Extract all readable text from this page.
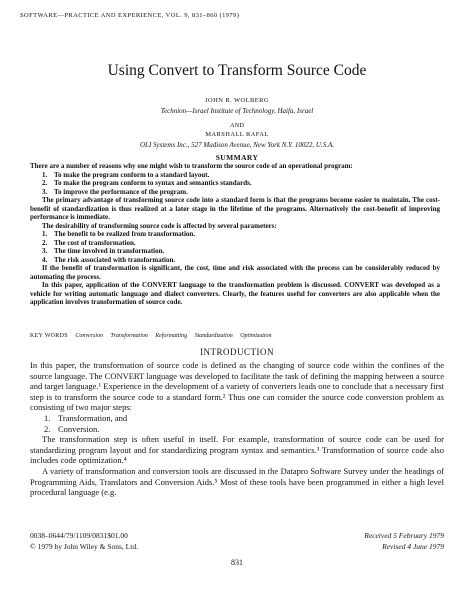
SOFTWARE—PRACTICE AND EXPERIENCE, VOL. 9, 831–860 (1979)
Using Convert to Transform Source Code
JOHN R. WOLBERG
Technion—Israel Institute of Technology, Haifa, Israel
AND
MARSHALL RAFAL
OLI Systems Inc., 527 Madison Avenue, New York N.Y. 10022, U.S.A.
SUMMARY

There are a number of reasons why one might wish to transform the source code of an operational program:

1. To make the program conform to a standard layout.
2. To make the program conform to syntax and semantics standards.
3. To improve the performance of the program.

The primary advantage of transforming source code into a standard form is that the programs become easier to maintain. The cost-benefit of standardization is thus realized at a later stage in the lifetime of the programs. Alternatively the cost-benefit of improving performance is immediate.

The desirability of transforming source code is affected by several parameters:

1. The benefit to be realized from transformation.
2. The cost of transformation.
3. The time involved in transformation.
4. The risk associated with transformation.

If the benefit of transformation is significant, the cost, time and risk associated with the process can be considerably reduced by automating the process.

In this paper, application of the CONVERT language to the transformation problem is discussed. CONVERT was developed as a vehicle for writing automatic language and dialect converters. Clearly, the features useful for converters are also applicable when the application involves transformation of source code.

KEY WORDS Conversion Transformation Reformatting Standardization Optimization
INTRODUCTION

In this paper, the transformation of source code is defined as the changing of source code within the confines of the source language. The CONVERT language was developed to facilitate the task of defining the mapping between a source and target language.¹ Experience in the development of a variety of converters leads one to conclude that a necessary first step is to transform the source code to a standard form.² Thus one can consider the source code conversion problem as consisting of two major steps:

1. Transformation, and
2. Conversion.

The transformation step is often useful in itself. For example, transformation of source code can be used for standardizing program layout and for standardizing program syntax and semantics.³ Transformation of source code also includes code optimization.⁴

A variety of transformation and conversion tools are discussed in the Datapro Software Survey under the headings of Programming Aids, Translators and Conversion Aids.⁵ Most of these tools have been programmed in either a high level procedural language (e.g.

0038–0644/79/1109/0831$01.00
© 1979 by John Wiley & Sons, Ltd.
Received 5 February 1979
Revised 4 June 1979
831
